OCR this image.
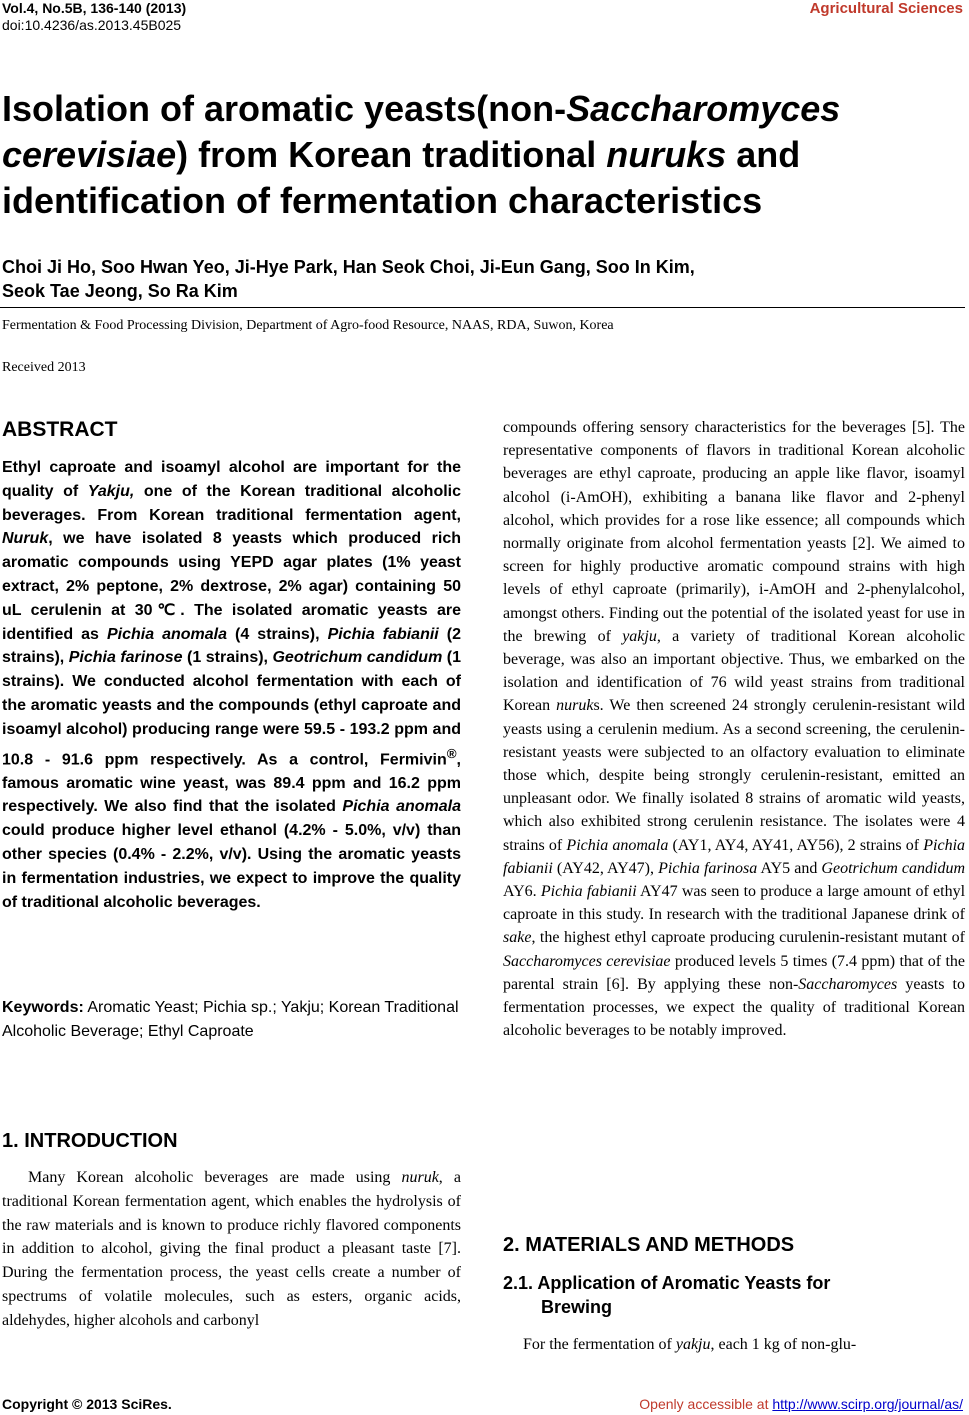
Vol.4, No.5B, 136-140 (2013)
doi:10.4236/as.2013.45B025
Agricultural Sciences
Isolation of aromatic yeasts(non-Saccharomyces cerevisiae) from Korean traditional nuruks and identification of fermentation characteristics
Choi Ji Ho, Soo Hwan Yeo, Ji-Hye Park, Han Seok Choi, Ji-Eun Gang, Soo In Kim,
Seok Tae Jeong, So Ra Kim
Fermentation & Food Processing Division, Department of Agro-food Resource, NAAS, RDA, Suwon, Korea
Received 2013
ABSTRACT
Ethyl caproate and isoamyl alcohol are important for the quality of Yakju, one of the Korean traditional alcoholic beverages. From Korean traditional fermentation agent, Nuruk, we have isolated 8 yeasts which produced rich aromatic compounds using YEPD agar plates (1% yeast extract, 2% peptone, 2% dextrose, 2% agar) containing 50 uL cerulenin at 30℃. The isolated aromatic yeasts are identified as Pichia anomala (4 strains), Pichia fabianii (2 strains), Pichia farinose (1 strains), Geotrichum candidum (1 strains). We conducted alcohol fermentation with each of the aromatic yeasts and the compounds (ethyl caproate and isoamyl alcohol) producing range were 59.5 - 193.2 ppm and 10.8 - 91.6 ppm respectively. As a control, Fermivin®, famous aromatic wine yeast, was 89.4 ppm and 16.2 ppm respectively. We also find that the isolated Pichia anomala could produce higher level ethanol (4.2% - 5.0%, v/v) than other species (0.4% - 2.2%, v/v). Using the aromatic yeasts in fermentation industries, we expect to improve the quality of traditional alcoholic beverages.
Keywords: Aromatic Yeast; Pichia sp.; Yakju; Korean Traditional Alcoholic Beverage; Ethyl Caproate
1. INTRODUCTION
Many Korean alcoholic beverages are made using nuruk, a traditional Korean fermentation agent, which enables the hydrolysis of the raw materials and is known to produce richly flavored components in addition to alcohol, giving the final product a pleasant taste [7]. During the fermentation process, the yeast cells create a number of spectrums of volatile molecules, such as esters, organic acids, aldehydes, higher alcohols and carbonyl
compounds offering sensory characteristics for the beverages [5]. The representative components of flavors in traditional Korean alcoholic beverages are ethyl caproate, producing an apple like flavor, isoamyl alcohol (i-AmOH), exhibiting a banana like flavor and 2-phenyl alcohol, which provides for a rose like essence; all compounds which normally originate from alcohol fermentation yeasts [2]. We aimed to screen for highly productive aromatic compound strains with high levels of ethyl caproate (primarily), i-AmOH and 2-phenylalcohol, amongst others. Finding out the potential of the isolated yeast for use in the brewing of yakju, a variety of traditional Korean alcoholic beverage, was also an important objective. Thus, we embarked on the isolation and identification of 76 wild yeast strains from traditional Korean nuruks. We then screened 24 strongly cerulenin-resistant wild yeasts using a cerulenin medium. As a second screening, the cerulenin-resistant yeasts were subjected to an olfactory evaluation to eliminate those which, despite being strongly cerulenin-resistant, emitted an unpleasant odor. We finally isolated 8 strains of aromatic wild yeasts, which also exhibited strong cerulenin resistance. The isolates were 4 strains of Pichia anomala (AY1, AY4, AY41, AY56), 2 strains of Pichia fabianii (AY42, AY47), Pichia farinosa AY5 and Geotrichum candidum AY6. Pichia fabianii AY47 was seen to produce a large amount of ethyl caproate in this study. In research with the traditional Japanese drink of sake, the highest ethyl caproate producing curulenin-resistant mutant of Saccharomyces cerevisiae produced levels 5 times (7.4 ppm) that of the parental strain [6]. By applying these non-Saccharomyces yeasts to fermentation processes, we expect the quality of traditional Korean alcoholic beverages to be notably improved.
2. MATERIALS AND METHODS
2.1. Application of Aromatic Yeasts for
Brewing
For the fermentation of yakju, each 1 kg of non-glu-
Copyright © 2013 SciRes.	Openly accessible at http://www.scirp.org/journal/as/
